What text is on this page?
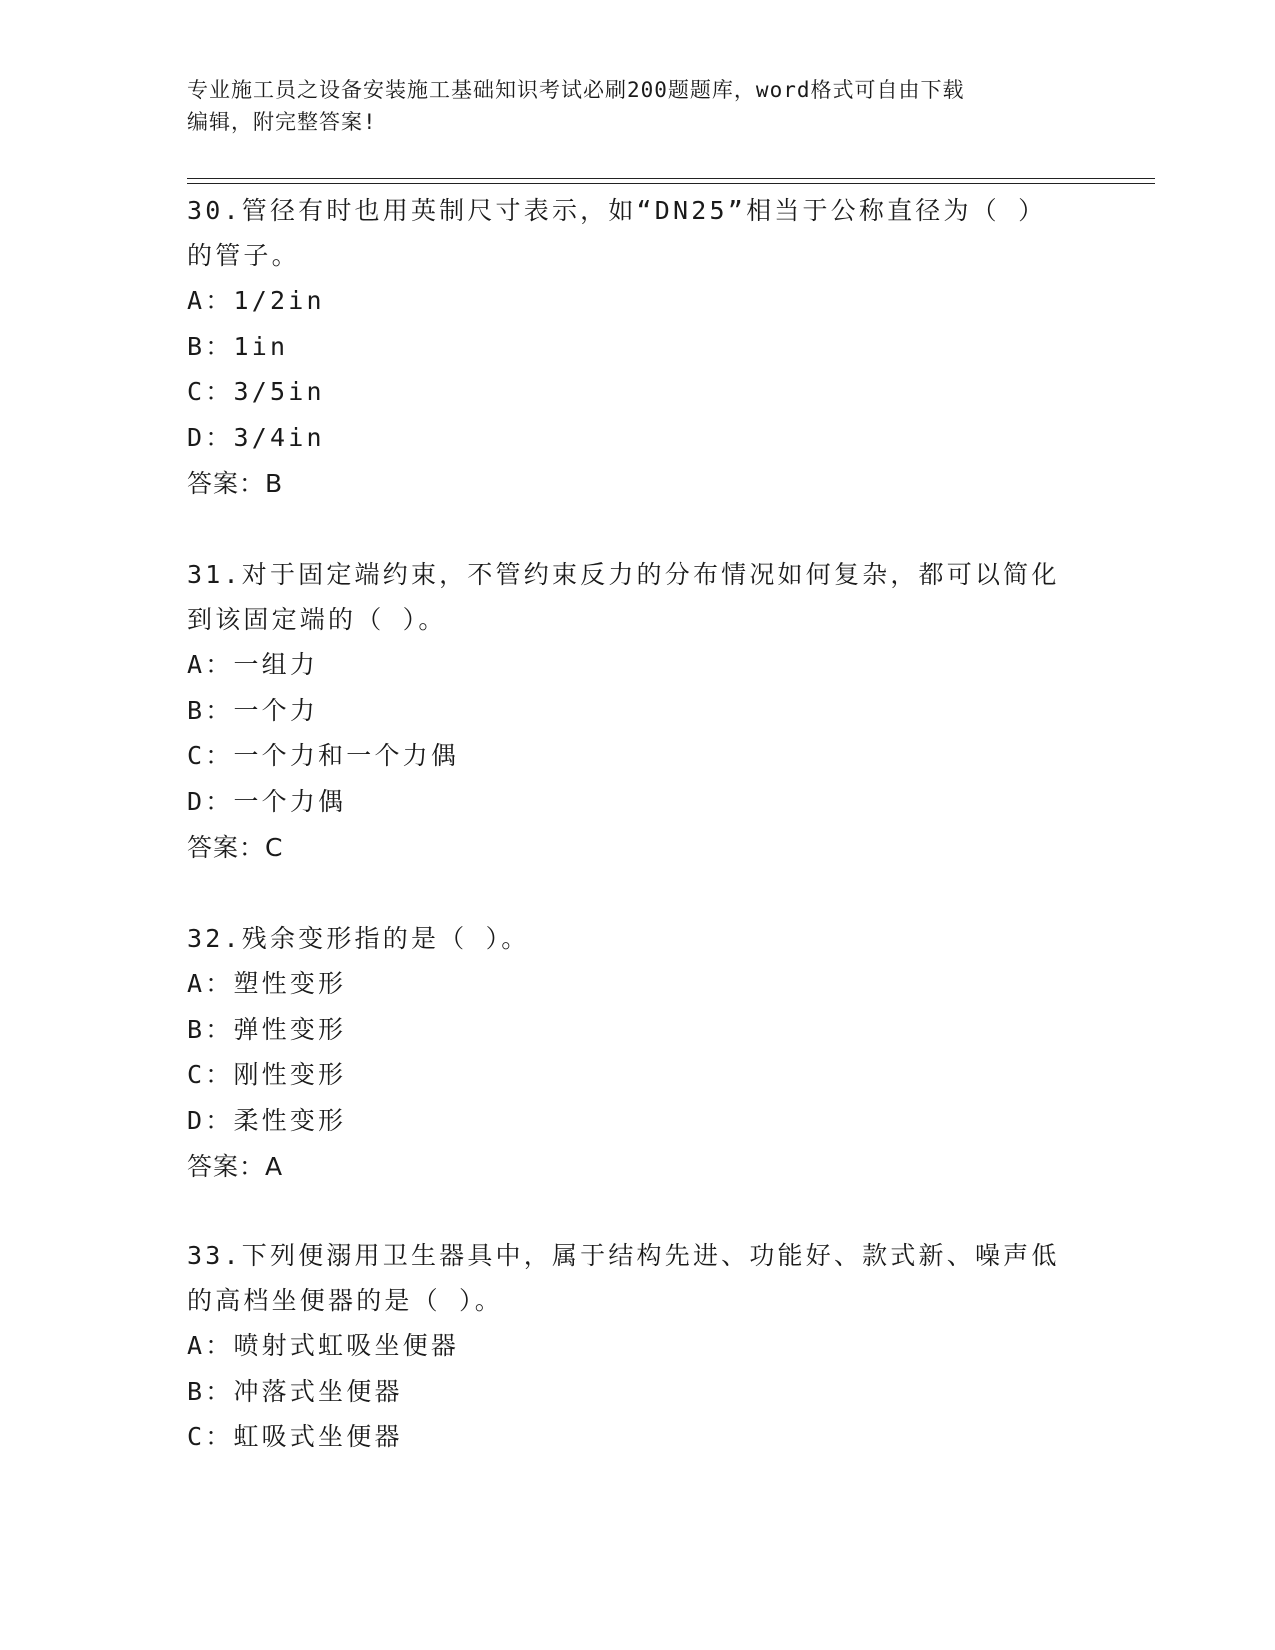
专业施工员之设备安装施工基础知识考试必刷200题题库，word格式可自由下载
编辑，附完整答案!
30.管径有时也用英制尺寸表示，如“DN25”相当于公称直径为（ ）
的管子。
A：1/2in
B：1in
C：3/5in
D：3/4in
答案：B
31.对于固定端约束，不管约束反力的分布情况如何复杂，都可以简化
到该固定端的（ ）。
A：一组力
B：一个力
C：一个力和一个力偶
D：一个力偶
答案：C
32.残余变形指的是（ ）。
A：塑性变形
B：弹性变形
C：刚性变形
D：柔性变形
答案：A
33.下列便溺用卫生器具中，属于结构先进、功能好、款式新、噪声低
的高档坐便器的是（ ）。
A：喷射式虹吸坐便器
B：冲落式坐便器
C：虹吸式坐便器
